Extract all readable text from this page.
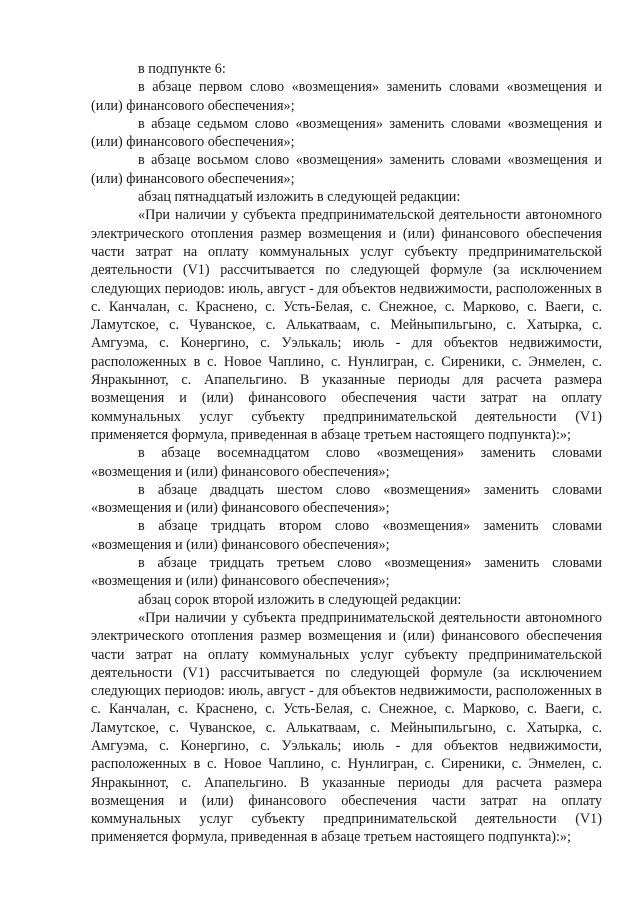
в подпункте 6:

в абзаце первом слово «возмещения» заменить словами «возмещения и (или) финансового обеспечения»;

в абзаце седьмом слово «возмещения» заменить словами «возмещения и (или) финансового обеспечения»;

в абзаце восьмом слово «возмещения» заменить словами «возмещения и (или) финансового обеспечения»;

абзац пятнадцатый изложить в следующей редакции:

«При наличии у субъекта предпринимательской деятельности автономного электрического отопления размер возмещения и (или) финансового обеспечения части затрат на оплату коммунальных услуг субъекту предпринимательской деятельности (V1) рассчитывается по следующей формуле (за исключением следующих периодов: июль, август - для объектов недвижимости, расположенных в с. Канчалан, с. Краснено, с. Усть-Белая, с. Снежное, с. Марково, с. Ваеги, с. Ламутское, с. Чуванское, с. Алькатваам, с. Мейныпильгыно, с. Хатырка, с. Амгуэма, с. Конергино, с. Уэлькаль; июль - для объектов недвижимости, расположенных в с. Новое Чаплино, с. Нунлигран, с. Сиреники, с. Энмелен, с. Янракыннот, с. Апапельгино. В указанные периоды для расчета размера возмещения и (или) финансового обеспечения части затрат на оплату коммунальных услуг субъекту предпринимательской деятельности (V1) применяется формула, приведенная в абзаце третьем настоящего подпункта):»;

в абзаце восемнадцатом слово «возмещения» заменить словами «возмещения и (или) финансового обеспечения»;

в абзаце двадцать шестом слово «возмещения» заменить словами «возмещения и (или) финансового обеспечения»;

в абзаце тридцать втором слово «возмещения» заменить словами «возмещения и (или) финансового обеспечения»;

в абзаце тридцать третьем слово «возмещения» заменить словами «возмещения и (или) финансового обеспечения»;

абзац сорок второй изложить в следующей редакции:

«При наличии у субъекта предпринимательской деятельности автономного электрического отопления размер возмещения и (или) финансового обеспечения части затрат на оплату коммунальных услуг субъекту предпринимательской деятельности (V1) рассчитывается по следующей формуле (за исключением следующих периодов: июль, август - для объектов недвижимости, расположенных в с. Канчалан, с. Краснено, с. Усть-Белая, с. Снежное, с. Марково, с. Ваеги, с. Ламутское, с. Чуванское, с. Алькатваам, с. Мейныпильгыно, с. Хатырка, с. Амгуэма, с. Конергино, с. Уэлькаль; июль - для объектов недвижимости, расположенных в с. Новое Чаплино, с. Нунлигран, с. Сиреники, с. Энмелен, с. Янракыннот, с. Апапельгино. В указанные периоды для расчета размера возмещения и (или) финансового обеспечения части затрат на оплату коммунальных услуг субъекту предпринимательской деятельности (V1) применяется формула, приведенная в абзаце третьем настоящего подпункта):»;
